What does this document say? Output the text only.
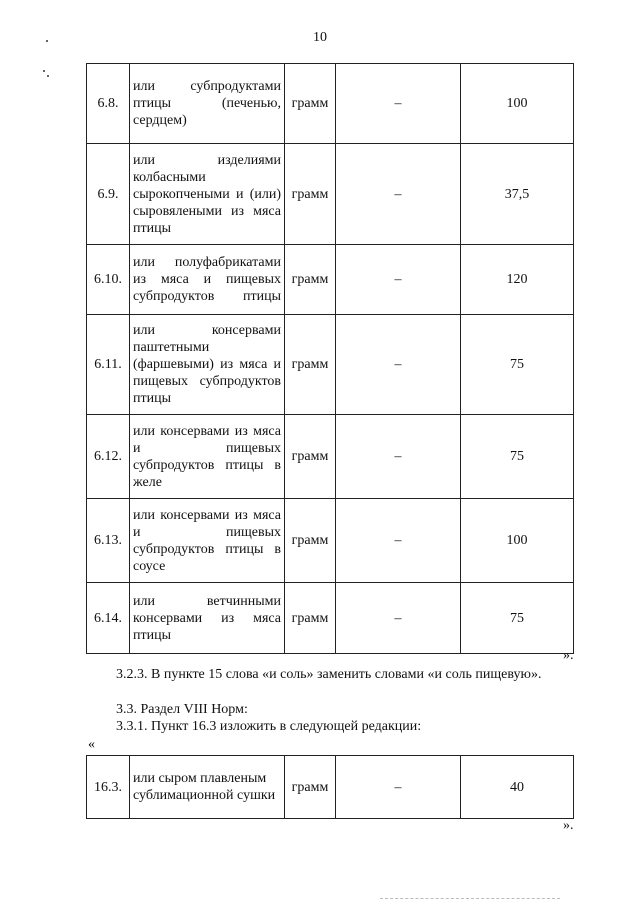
10
6.8.	или субпродуктами птицы (печенью, сердцем)	грамм	–	100
6.9.	или изделиями колбасными сырокопчеными и (или) сыровялеными из мяса птицы	грамм	–	37,5
6.10.	или полуфабрикатами из мяса и пищевых субпродуктов птицы	грамм	–	120
6.11.	или консервами паштетными (фаршевыми) из мяса и пищевых субпродуктов птицы	грамм	–	75
6.12.	или консервами из мяса и пищевых субпродуктов птицы в желе	грамм	–	75
6.13.	или консервами из мяса и пищевых субпродуктов птицы в соусе	грамм	–	100
6.14.	или ветчинными консервами из мяса птицы	грамм	–	75
».
3.2.3. В пункте 15 слова «и соль» заменить словами «и соль пищевую».
3.3. Раздел VIII Норм:
3.3.1. Пункт 16.3 изложить в следующей редакции:
«
16.3.	или сыром плавленым сублимационной сушки	грамм	–	40
».
